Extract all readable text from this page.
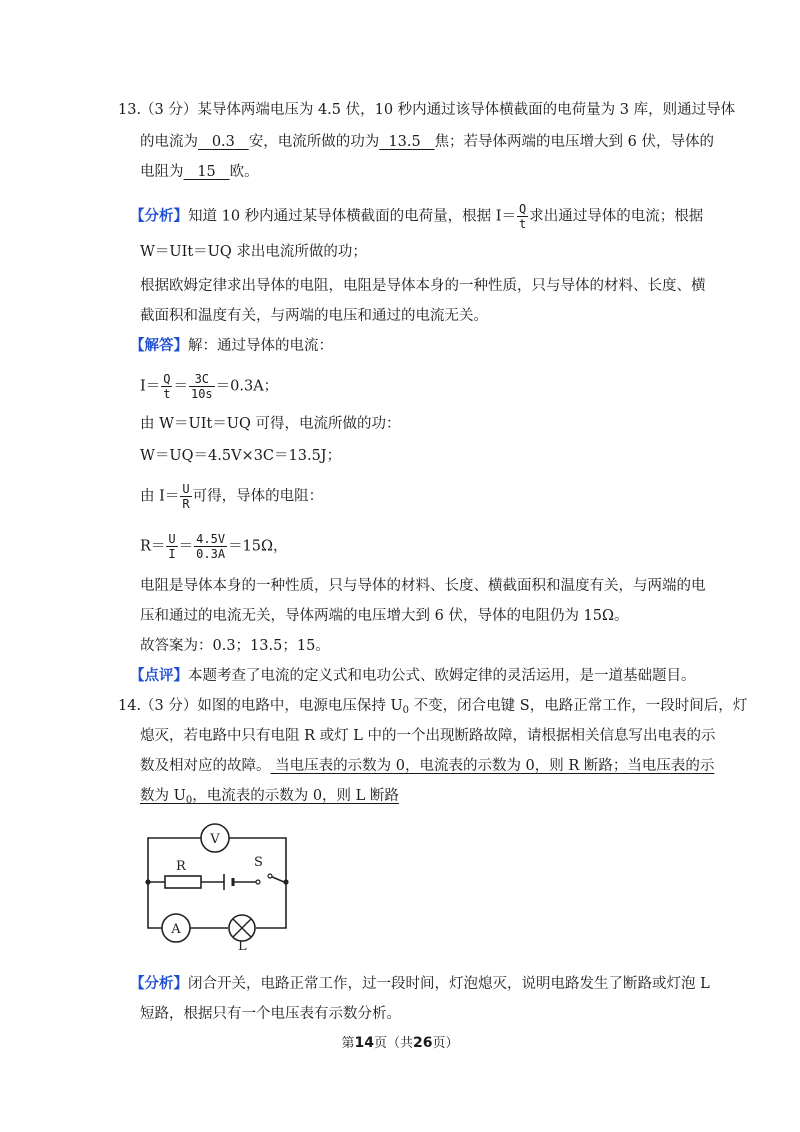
13.
（3 分）某导体两端电压为 4.5 伏，10 秒内通过该导体横截面的电荷量为 3 库，则通过导体
的电流为 0.3 安，电流所做的功为 13.5 焦；若导体两端的电压增大到 6 伏，导体的
电阻为 15 欧。
【分析】知道 10 秒内通过某导体横截面的电荷量，根据 $I= \frac{Q}{t}$ 求出通过导体的电流；根据
W＝UIt＝UQ 求出电流所做的功；
根据欧姆定律求出导体的电阻，电阻是导体本身的一种性质，只与导体的材料、长度、横
截面积和温度有关，与两端的电压和通过的电流无关。
【解答】解：通过导体的电流：
$I= \frac{Q}{t} = \frac{3C}{10s} =0.3A$；
由 W＝UIt＝UQ 可得，电流所做的功：
W＝UQ＝4.5V×3C＝13.5J；
由 $I= \frac{U}{R}$ 可得，导体的电阻：
$R= \frac{U}{I} = \frac{4.5V}{0.3A} =15\Omega$，
电阻是导体本身的一种性质，只与导体的材料、长度、横截面积和温度有关，与两端的电
压和通过的电流无关，导体两端的电压增大到 6 伏，导体的电阻仍为 15Ω。
故答案为：0.3；13.5；15。
【点评】本题考查了电流的定义式和电功公式、欧姆定律的灵活运用，是一道基础题目。
14.
（3 分）如图的电路中，电源电压保持 $U_0$ 不变，闭合电键 S，电路正常工作，一段时间后，灯
熄灭，若电路中只有电阻 R 或灯 L 中的一个出现断路故障，请根据相关信息写出电表的示
数及相对应的故障。 当电压表的示数为 0，电流表的示数为 0，则 R 断路；当电压表的示
数为 $U_0$，电流表的示数为 0，则 L 断路
V
R	S
A
L
【分析】闭合开关，电路正常工作，过一段时间，灯泡熄灭，说明电路发生了断路或灯泡 L
短路，根据只有一个电压表有示数分析。
第14页（共26页）
